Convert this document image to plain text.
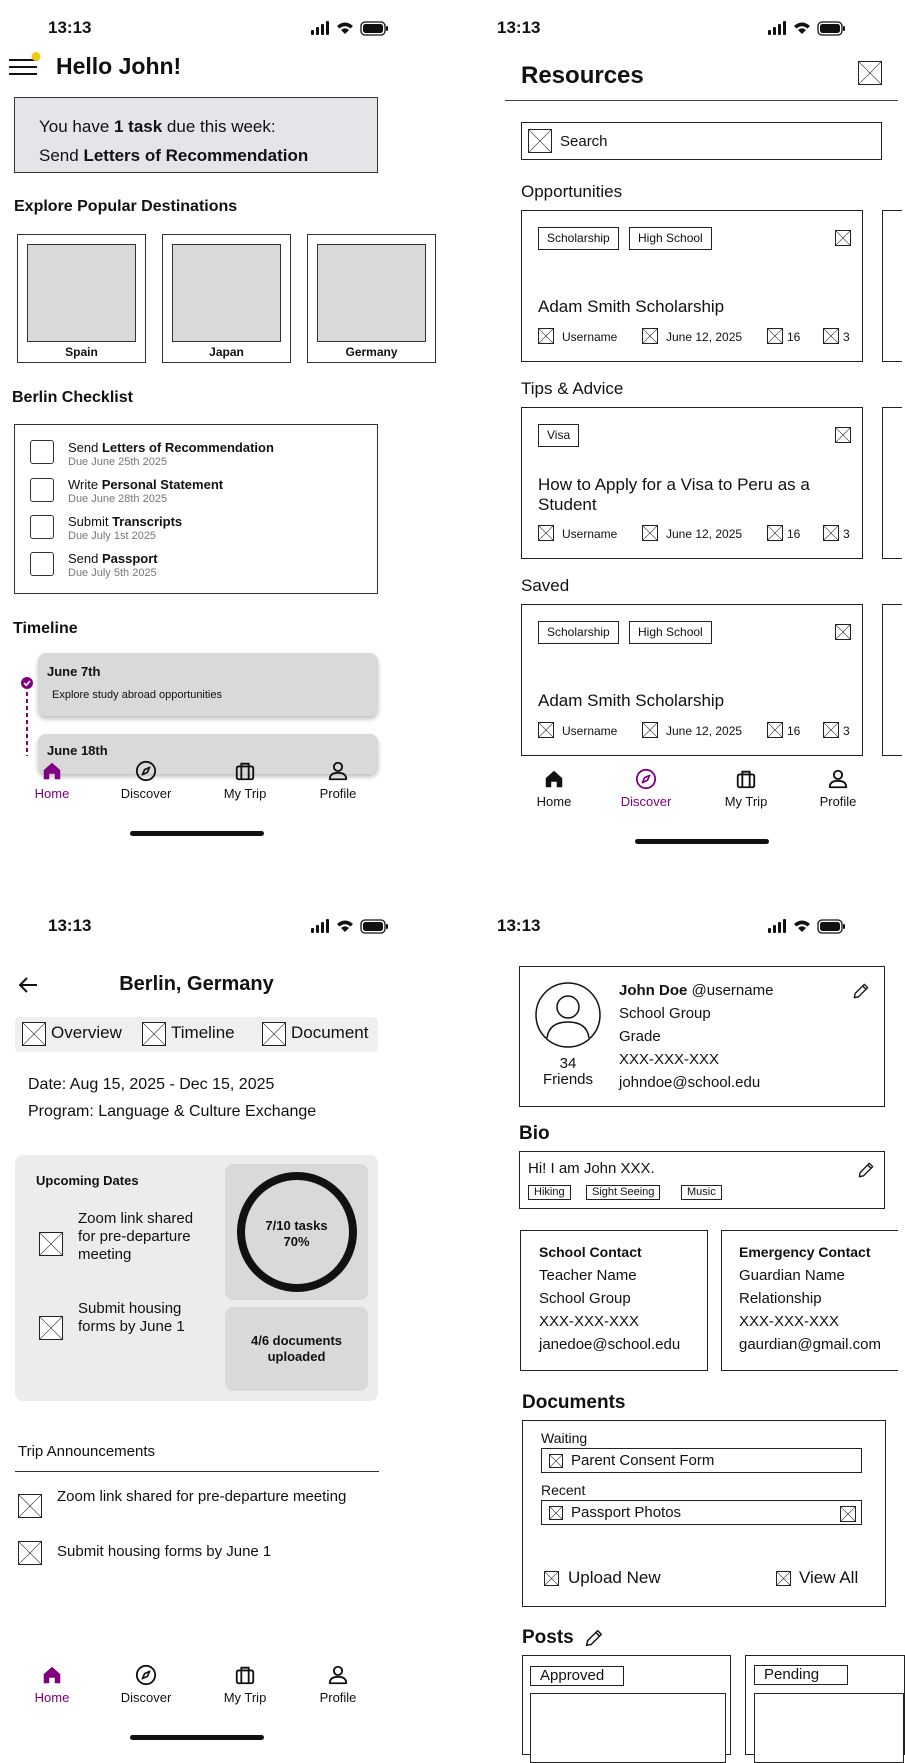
13:13
Hello John!
You have 1 task due this week:
Send Letters of Recommendation
Explore Popular Destinations
Spain	Japan	Germany
Berlin Checklist
Send Letters of Recommendation
Due June 25th 2025
Write Personal Statement
Due June 28th 2025
Submit Transcripts
Due July 1st 2025
Send Passport
Due July 5th 2025
Timeline
June 7th
Explore study abroad opportunities
June 18th
Home	Discover	My Trip	Profile
13:13
Resources
Search
Opportunities
Scholarship	High School
Adam Smith Scholarship
Username	June 12, 2025	16	3
Tips & Advice
Visa
How to Apply for a Visa to Peru as a Student
Username	June 12, 2025	16	3
Saved
Scholarship	High School
Adam Smith Scholarship
Username	June 12, 2025	16	3
Home	Discover	My Trip	Profile
13:13
Berlin, Germany
Overview	Timeline	Document
Date: Aug 15, 2025 - Dec 15, 2025
Program: Language & Culture Exchange
Upcoming Dates
Zoom link shared for pre-departure meeting
Submit housing forms by June 1
7/10 tasks
70%
4/6 documents
uploaded
Trip Announcements
Zoom link shared for pre-departure meeting
Submit housing forms by June 1
Home	Discover	My Trip	Profile
13:13
34
Friends
John Doe @username
School Group
Grade
XXX-XXX-XXX
johndoe@school.edu
Bio
Hi! I am John XXX.
Hiking	Sight Seeing	Music
School Contact
Teacher Name
School Group
XXX-XXX-XXX
janedoe@school.edu
Emergency Contact
Guardian Name
Relationship
XXX-XXX-XXX
gaurdian@gmail.com
Documents
Waiting
Parent Consent Form
Recent
Passport Photos
Upload New	View All
Posts
Approved	Pending
